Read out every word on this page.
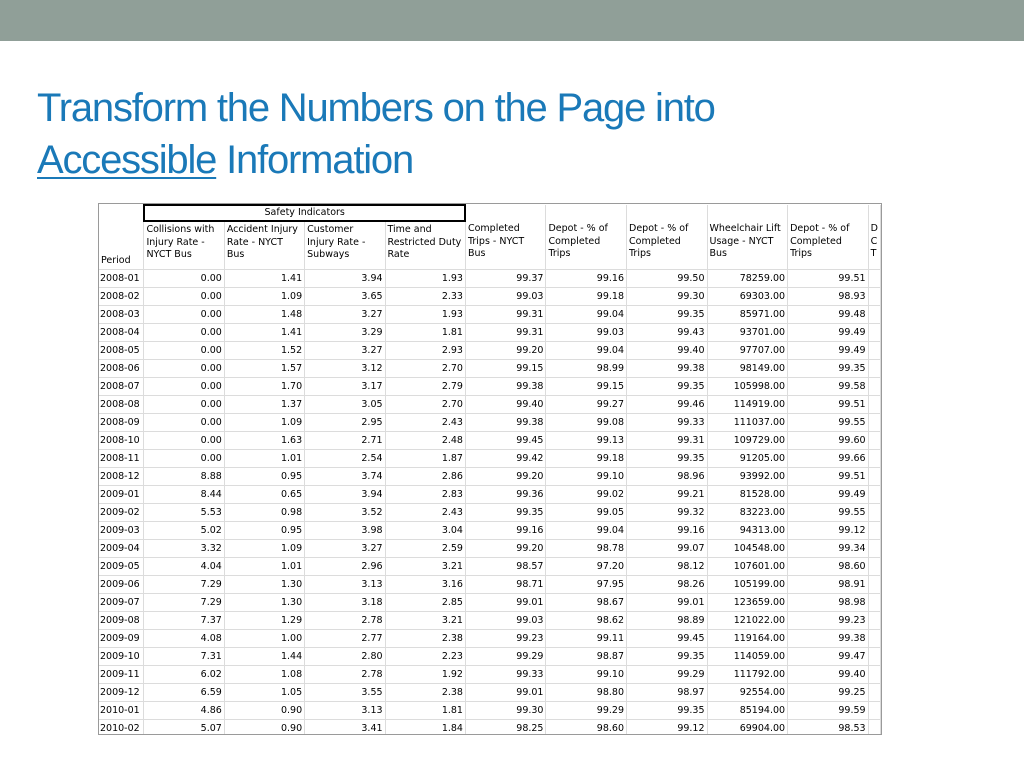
Transform the Numbers on the Page into
Accessible Information
	Safety Indicators									
Period	Collisions with Injury Rate - NYCT Bus	Accident Injury Rate - NYCT Bus	Customer Injury Rate - Subways	Time and Restricted Duty Rate	Completed Trips - NYCT Bus	Depot - % of Completed Trips	Depot - % of Completed Trips	Wheelchair Lift Usage - NYCT Bus	Depot - % of Completed Trips	D C T
2008-01	0.00	1.41	3.94	1.93	99.37	99.16	99.50	78259.00	99.51	
2008-02	0.00	1.09	3.65	2.33	99.03	99.18	99.30	69303.00	98.93	
2008-03	0.00	1.48	3.27	1.93	99.31	99.04	99.35	85971.00	99.48	
2008-04	0.00	1.41	3.29	1.81	99.31	99.03	99.43	93701.00	99.49	
2008-05	0.00	1.52	3.27	2.93	99.20	99.04	99.40	97707.00	99.49	
2008-06	0.00	1.57	3.12	2.70	99.15	98.99	99.38	98149.00	99.35	
2008-07	0.00	1.70	3.17	2.79	99.38	99.15	99.35	105998.00	99.58	
2008-08	0.00	1.37	3.05	2.70	99.40	99.27	99.46	114919.00	99.51	
2008-09	0.00	1.09	2.95	2.43	99.38	99.08	99.33	111037.00	99.55	
2008-10	0.00	1.63	2.71	2.48	99.45	99.13	99.31	109729.00	99.60	
2008-11	0.00	1.01	2.54	1.87	99.42	99.18	99.35	91205.00	99.66	
2008-12	8.88	0.95	3.74	2.86	99.20	99.10	98.96	93992.00	99.51	
2009-01	8.44	0.65	3.94	2.83	99.36	99.02	99.21	81528.00	99.49	
2009-02	5.53	0.98	3.52	2.43	99.35	99.05	99.32	83223.00	99.55	
2009-03	5.02	0.95	3.98	3.04	99.16	99.04	99.16	94313.00	99.12	
2009-04	3.32	1.09	3.27	2.59	99.20	98.78	99.07	104548.00	99.34	
2009-05	4.04	1.01	2.96	3.21	98.57	97.20	98.12	107601.00	98.60	
2009-06	7.29	1.30	3.13	3.16	98.71	97.95	98.26	105199.00	98.91	
2009-07	7.29	1.30	3.18	2.85	99.01	98.67	99.01	123659.00	98.98	
2009-08	7.37	1.29	2.78	3.21	99.03	98.62	98.89	121022.00	99.23	
2009-09	4.08	1.00	2.77	2.38	99.23	99.11	99.45	119164.00	99.38	
2009-10	7.31	1.44	2.80	2.23	99.29	98.87	99.35	114059.00	99.47	
2009-11	6.02	1.08	2.78	1.92	99.33	99.10	99.29	111792.00	99.40	
2009-12	6.59	1.05	3.55	2.38	99.01	98.80	98.97	92554.00	99.25	
2010-01	4.86	0.90	3.13	1.81	99.30	99.29	99.35	85194.00	99.59	
2010-02	5.07	0.90	3.41	1.84	98.25	98.60	99.12	69904.00	98.53	
